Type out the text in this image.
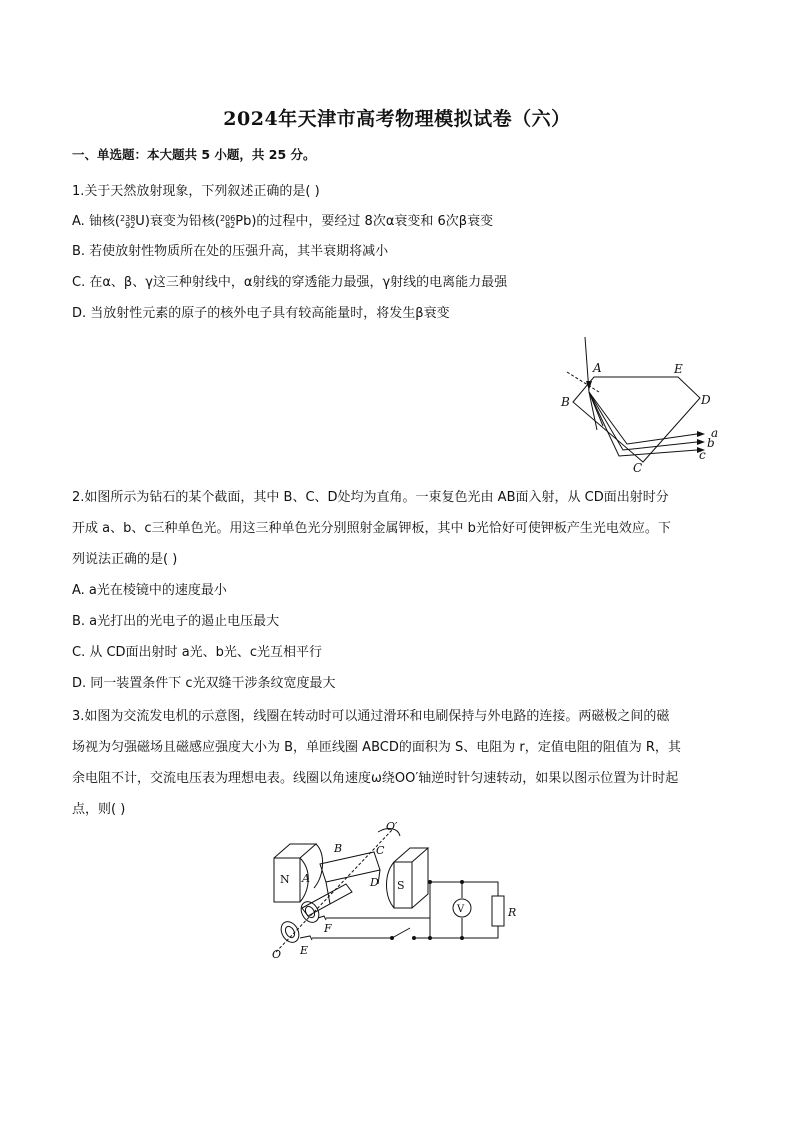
2024年天津市高考物理模拟试卷（六）
一、单选题：本大题共 5 小题，共 25 分。
1.关于天然放射现象，下列叙述正确的是( )
A. 铀核(238
92U)衰变为铅核(206
82Pb)的过程中，要经过 8次α衰变和 6次β衰变
B. 若使放射性物质所在处的压强升高，其半衰期将减小
C. 在α、β、γ这三种射线中，α射线的穿透能力最强，γ射线的电离能力最强
D. 当放射性元素的原子的核外电子具有较高能量时，将发生β衰变
A	E
D
B
C
a
b
c
2.如图所示为钻石的某个截面，其中 B、C、D处均为直角。一束复色光由 AB面入射，从 CD面出射时分
开成 a、b、c三种单色光。用这三种单色光分别照射金属钾板，其中 b光恰好可使钾板产生光电效应。下
列说法正确的是( )
A. a光在棱镜中的速度最小
B. a光打出的光电子的遏止电压最大
C. 从 CD面出射时 a光、b光、c光互相平行
D. 同一装置条件下 c光双缝干涉条纹宽度最大
3.如图为交流发电机的示意图，线圈在转动时可以通过滑环和电刷保持与外电路的连接。两磁极之间的磁
场视为匀强磁场且磁感应强度大小为 B，单匝线圈 ABCD的面积为 S、电阻为 r，定值电阻的阻值为 R，其
余电阻不计，交流电压表为理想电表。线圈以角速度ω绕OO′轴逆时针匀速转动，如果以图示位置为计时起
点，则( )
N	S
V	R
B	C
A	D
F
E
O
O′
